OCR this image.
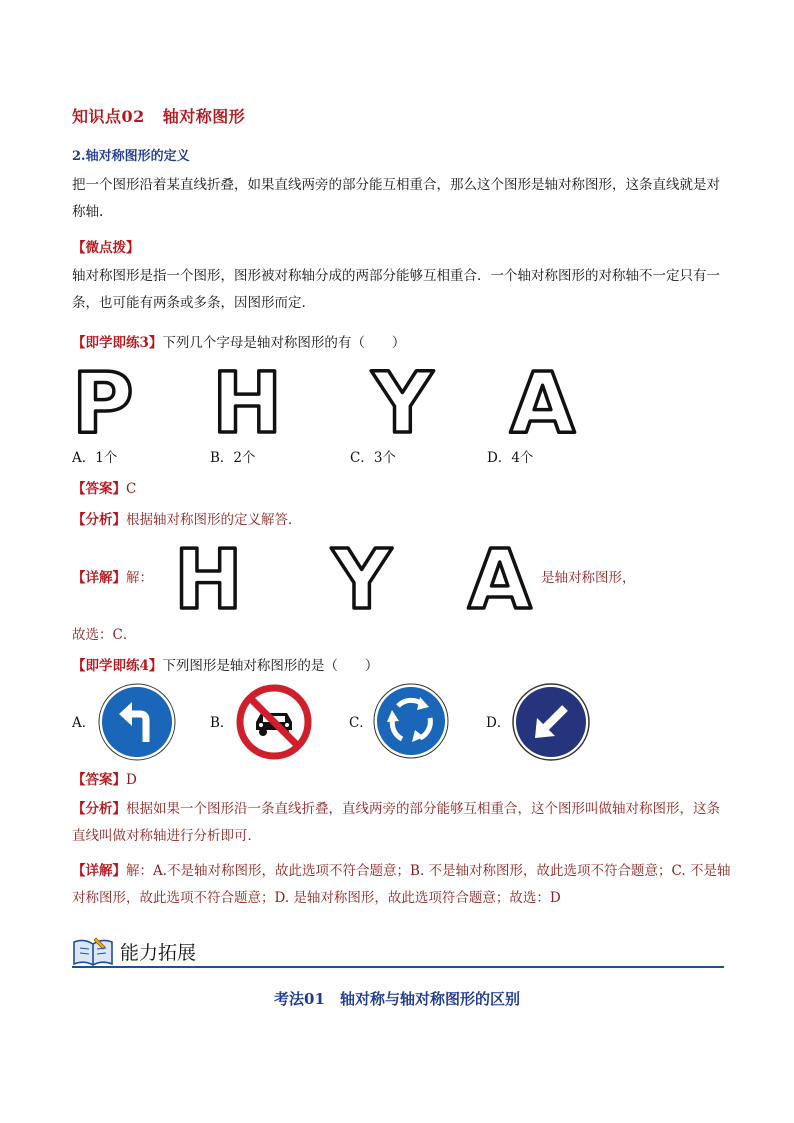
知识点02 轴对称图形
2.轴对称图形的定义
把一个图形沿着某直线折叠，如果直线两旁的部分能互相重合，那么这个图形是轴对称图形，这条直线就是对称轴.
【微点拨】
轴对称图形是指一个图形，图形被对称轴分成的两部分能够互相重合．一个轴对称图形的对称轴不一定只有一条，也可能有两条或多条，因图形而定.
【即学即练3】下列几个字母是轴对称图形的有（　　）
P H Y A
A．1个	B．2个	C．3个	D．4个
【答案】C
【分析】根据轴对称图形的定义解答．
【详解】解： H Y A 是轴对称图形，
故选：C．
【即学即练4】下列图形是轴对称图形的是（　　）
A．	B．	C．	D．
【答案】D
【分析】根据如果一个图形沿一条直线折叠，直线两旁的部分能够互相重合，这个图形叫做轴对称图形，这条直线叫做对称轴进行分析即可．
【详解】解：A.不是轴对称图形，故此选项不符合题意；B. 不是轴对称图形，故此选项不符合题意；C. 不是轴对称图形，故此选项不符合题意；D. 是轴对称图形，故此选项符合题意；故选：D
能力拓展
考法01　 轴对称与轴对称图形的区别
